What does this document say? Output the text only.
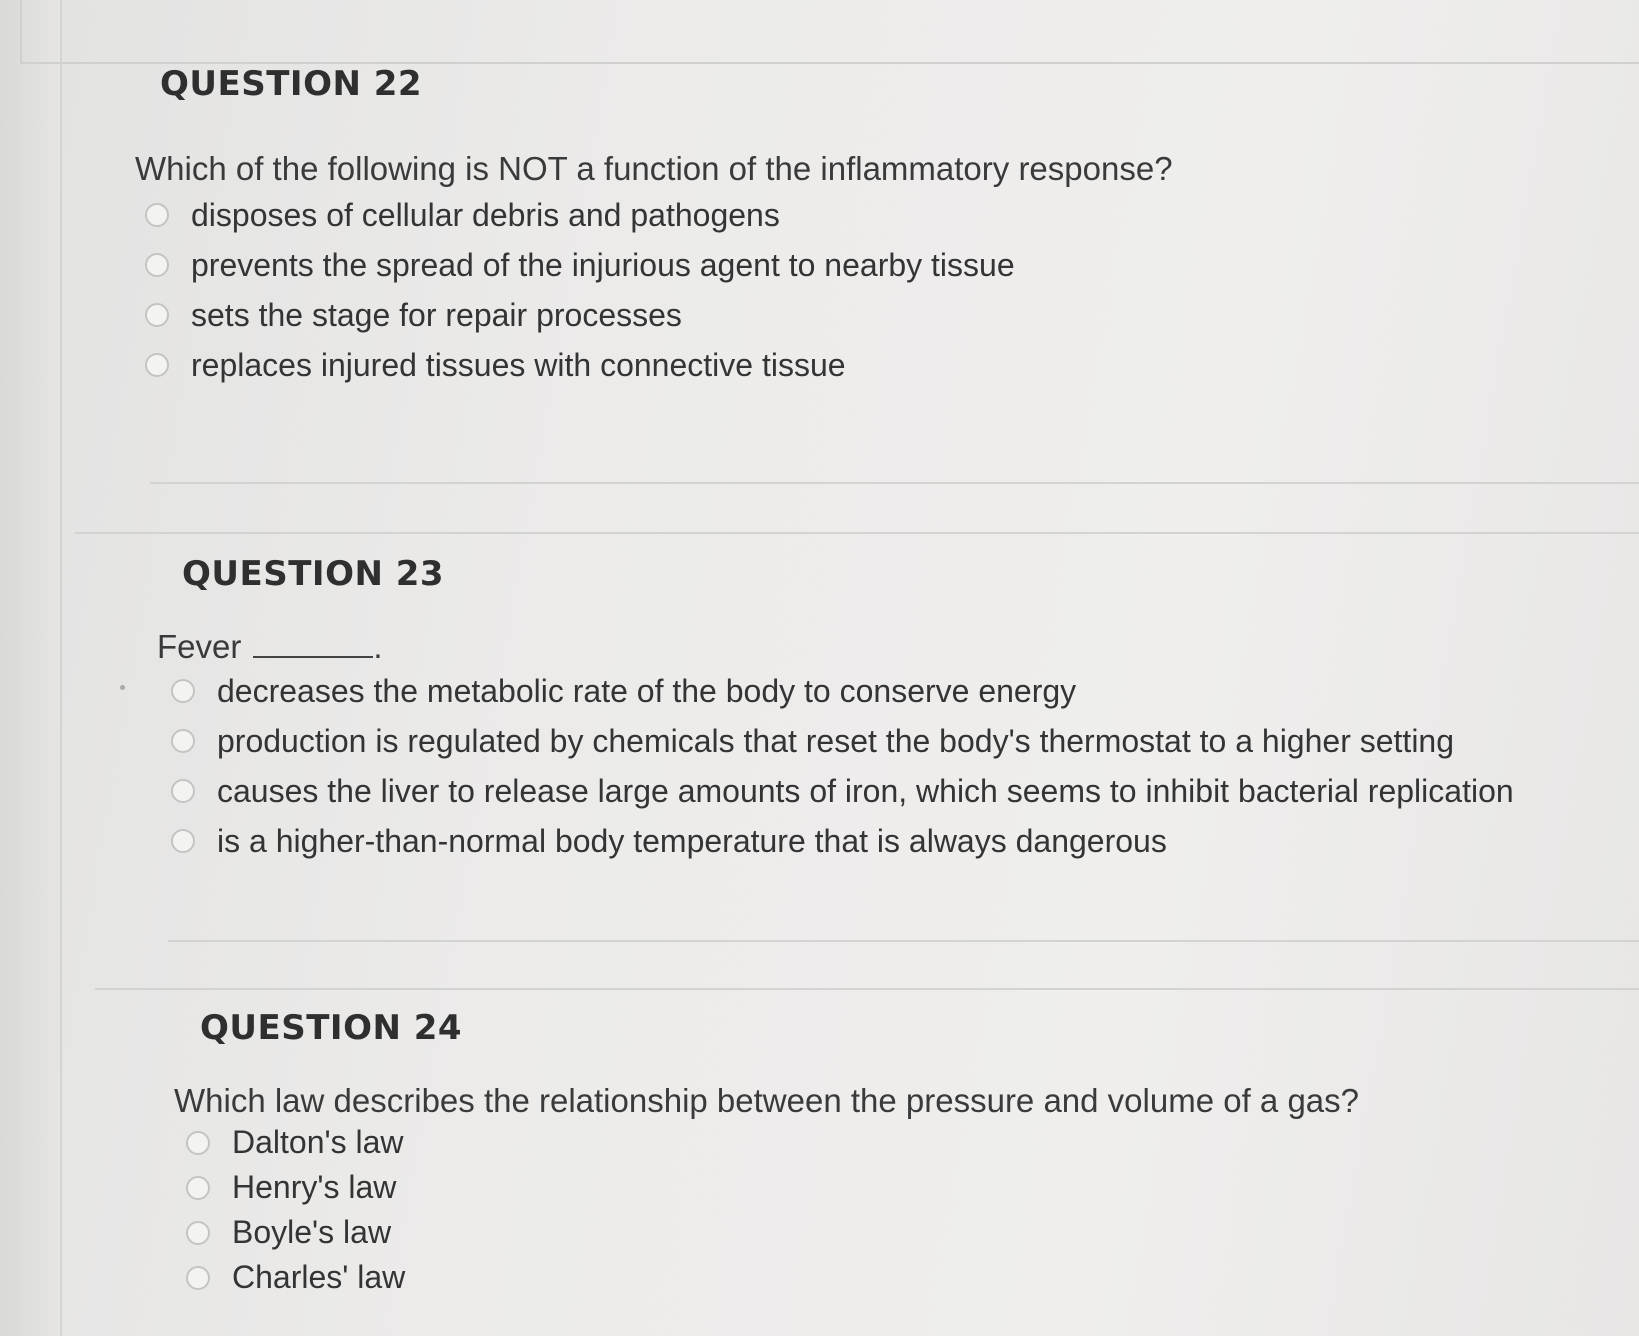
QUESTION 22
Which of the following is NOT a function of the inflammatory response?
disposes of cellular debris and pathogens
prevents the spread of the injurious agent to nearby tissue
sets the stage for repair processes
replaces injured tissues with connective tissue
QUESTION 23
Fever	.
decreases the metabolic rate of the body to conserve energy
production is regulated by chemicals that reset the body's thermostat to a higher setting
causes the liver to release large amounts of iron, which seems to inhibit bacterial replication
is a higher-than-normal body temperature that is always dangerous
QUESTION 24
Which law describes the relationship between the pressure and volume of a gas?
Dalton's law
Henry's law
Boyle's law
Charles' law
